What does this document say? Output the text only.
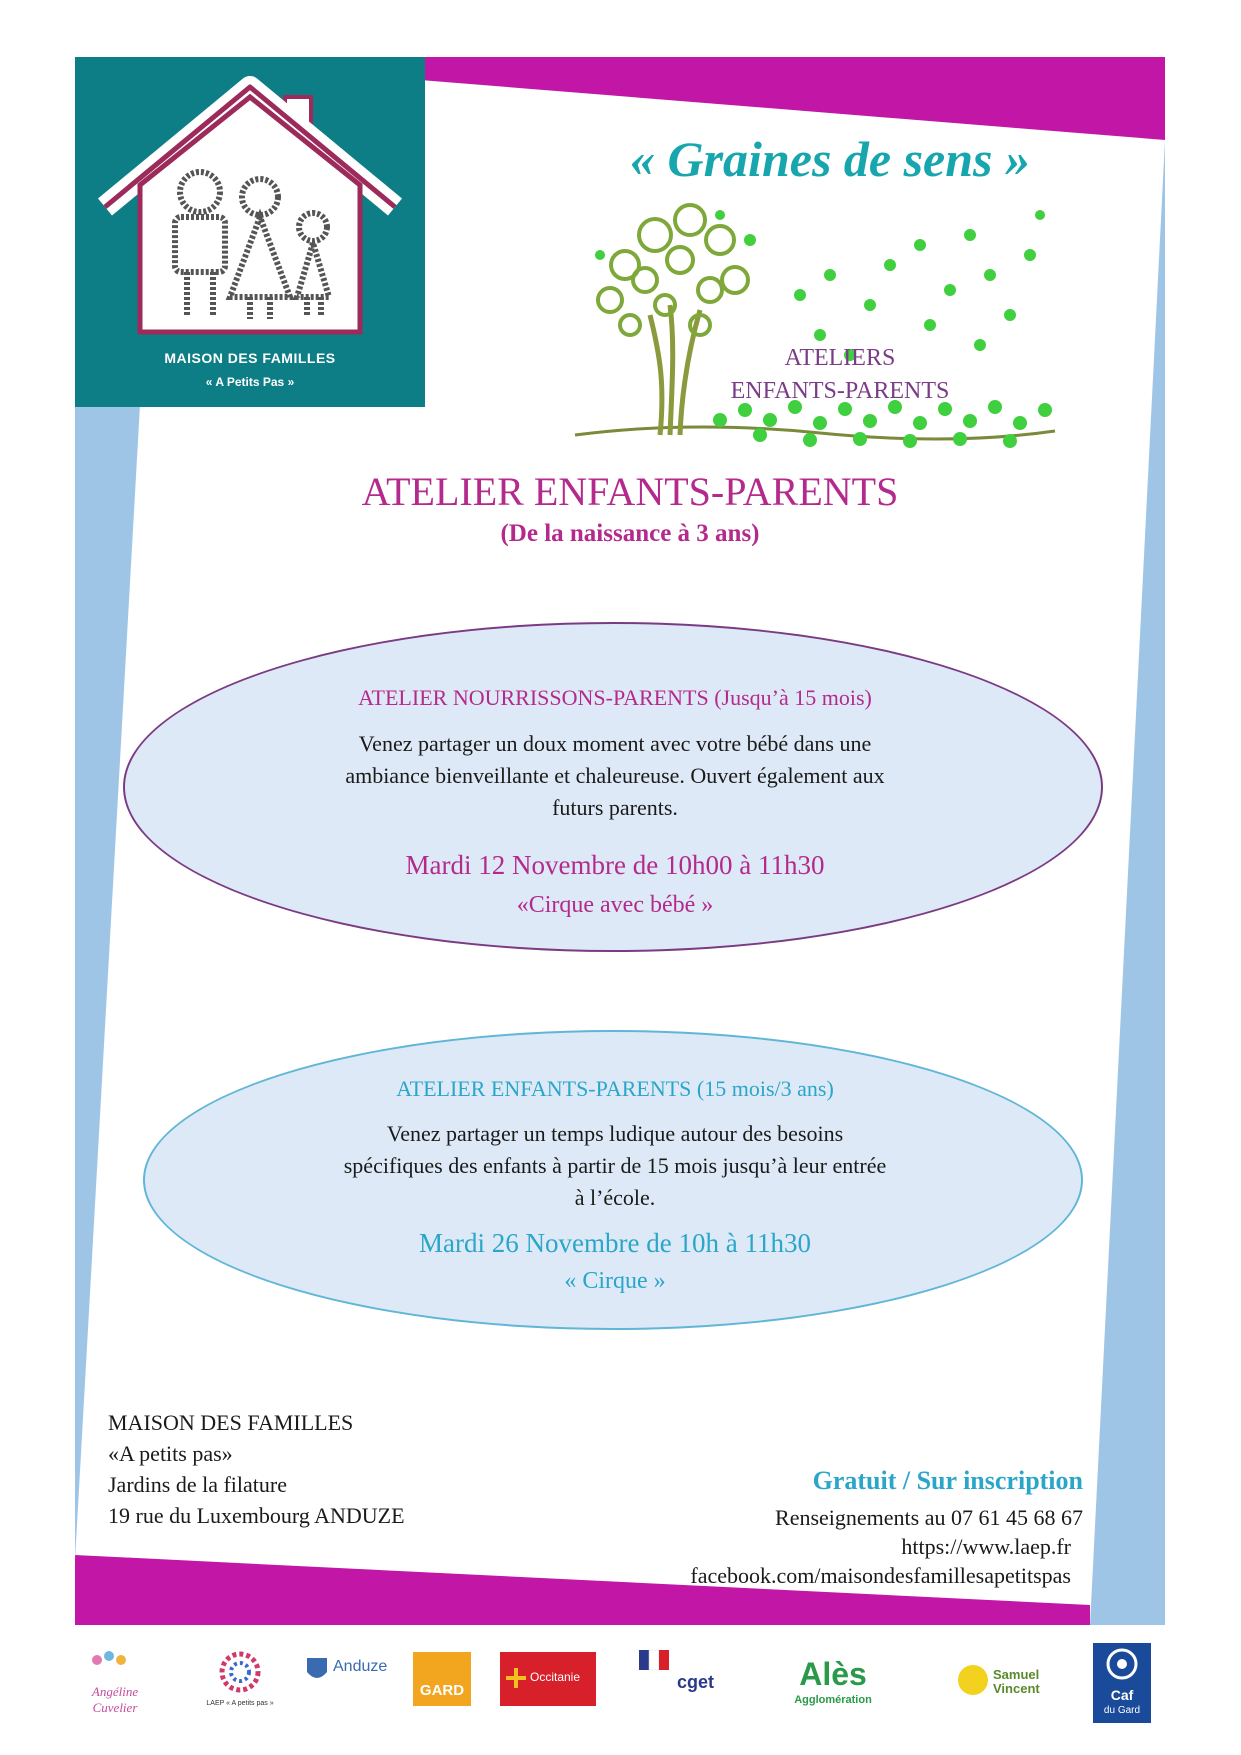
MAISON DES FAMILLES
« A Petits Pas »
« Graines de sens »
ATELIERS
ENFANTS-PARENTS
ATELIER ENFANTS-PARENTS
(De la naissance à 3 ans)
ATELIER NOURRISSONS-PARENTS (Jusqu’à 15 mois)
Venez partager un doux moment avec votre bébé dans une
ambiance bienveillante et chaleureuse. Ouvert également aux
futurs parents.
Mardi 12 Novembre de 10h00 à 11h30
«Cirque avec bébé »
ATELIER ENFANTS-PARENTS (15 mois/3 ans)
Venez partager un temps ludique autour des besoins
spécifiques des enfants à partir de 15 mois jusqu’à leur entrée
à l’école.
Mardi 26 Novembre de 10h à 11h30
« Cirque »
MAISON DES FAMILLES
«A petits pas»
Jardins de la filature
19 rue du Luxembourg ANDUZE
Gratuit / Sur inscription
Renseignements au 07 61 45 68 67
https://www.laep.fr
facebook.com/maisondesfamillesapetitspas
Angéline Cuvelier	LAEP « A petits pas »
Anduze
GARD
Occitanie	cget	Alès
Agglomération
Samuel Vincent	Caf
du Gard
